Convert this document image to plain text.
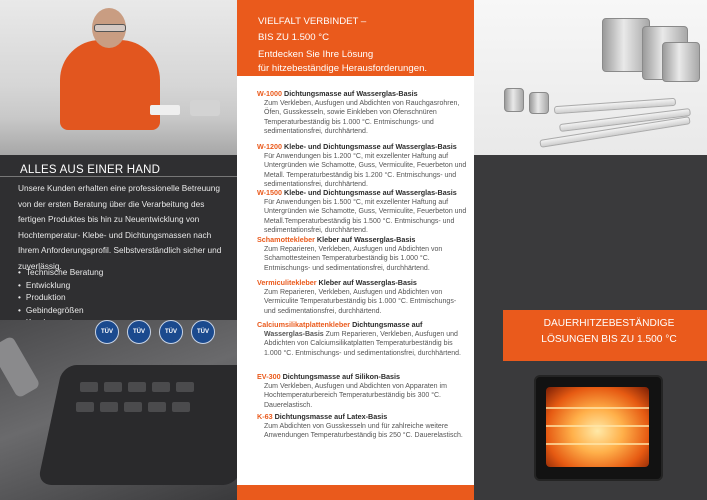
ALLES AUS EINER HAND

Unsere Kunden erhalten eine professionelle Betreuung von der ersten Beratung über die Verarbeitung des fertigen Produktes bis hin zu Neuentwicklung von Hochtemperatur- Klebe- und Dichtungsmassen nach Ihrem Anforderungsprofil. Selbstverständlich sicher und zuverlässig.

• Technische Beratung
• Entwicklung
• Produktion
• Gebindegrößen
•
TÜV	TÜV	TÜV	TÜV
VIELFALT VERBINDET –
BIS ZU 1.500 °C
Entdecken Sie Ihre Lösung
für hitzebeständige Herausforderungen.
W-1000 Dichtungsmasse auf Wasserglas-Basis
Zum Verkleben, Ausfugen und Abdichten von Rauchgasrohren, Öfen, Gusskesseln, sowie Einkleben von Ofenschnüren Temperaturbeständig bis 1.000 °C. Entmischungs- und sedimentationsfrei, durchhärtend.
W-1200 Klebe- und Dichtungsmasse auf Wasserglas-Basis
Für Anwendungen bis 1.200 °C, mit exzellenter Haftung auf Untergründen wie Schamotte, Guss, Vermiculite, Feuerbeton und Metall. Temperaturbeständig bis 1.200 °C. Entmischungs- und sedimentationsfrei, durchhärtend.
W-1500 Klebe- und Dichtungsmasse auf Wasserglas-Basis
Für Anwendungen bis 1.500 °C, mit exzellenter Haftung auf Untergründen wie Schamotte, Guss, Vermiculite, Feuerbeton und Metall.Temperaturbeständig bis 1.500 °C. Entmischungs- und sedimentationsfrei, durchhärtend.
Schamottekleber Kleber auf Wasserglas-Basis
Zum Reparieren, Verkleben, Ausfugen und Abdichten von Schamottesteinen Temperaturbeständig bis 1.000 °C. Entmischungs- und sedimentationsfrei, durchhärtend.
Vermiculitekleber Kleber auf Wasserglas-Basis
Zum Reparieren, Verkleben, Ausfugen und Abdichten von Vermiculite Temperaturbeständig bis 1.000 °C. Entmischungs- und sedimentationsfrei, durchhärtend.
Calciumsilikatplattenkleber Dichtungsmasse auf
Wasserglas-Basis Zum Reparieren, Verkleben, Ausfugen und Abdichten von Calciumsilikatplatten Temperaturbeständig bis 1.000 °C. Entmischungs- und sedimentationsfrei, durchhärtend.
EV-300 Dichtungsmasse auf Silikon-Basis
Zum Verkleben, Ausfugen und Abdichten von Apparaten im Hochtemperaturbereich Temperaturbeständig bis 300 °C. Dauerelastisch.
K-63 Dichtungsmasse auf Latex-Basis
Zum Abdichten von Gusskesseln und für zahlreiche weitere Anwendungen Temperaturbeständig bis 250 °C. Dauerelastisch.
DAUERHITZEBESTÄNDIGE
LÖSUNGEN BIS ZU 1.500 °C
